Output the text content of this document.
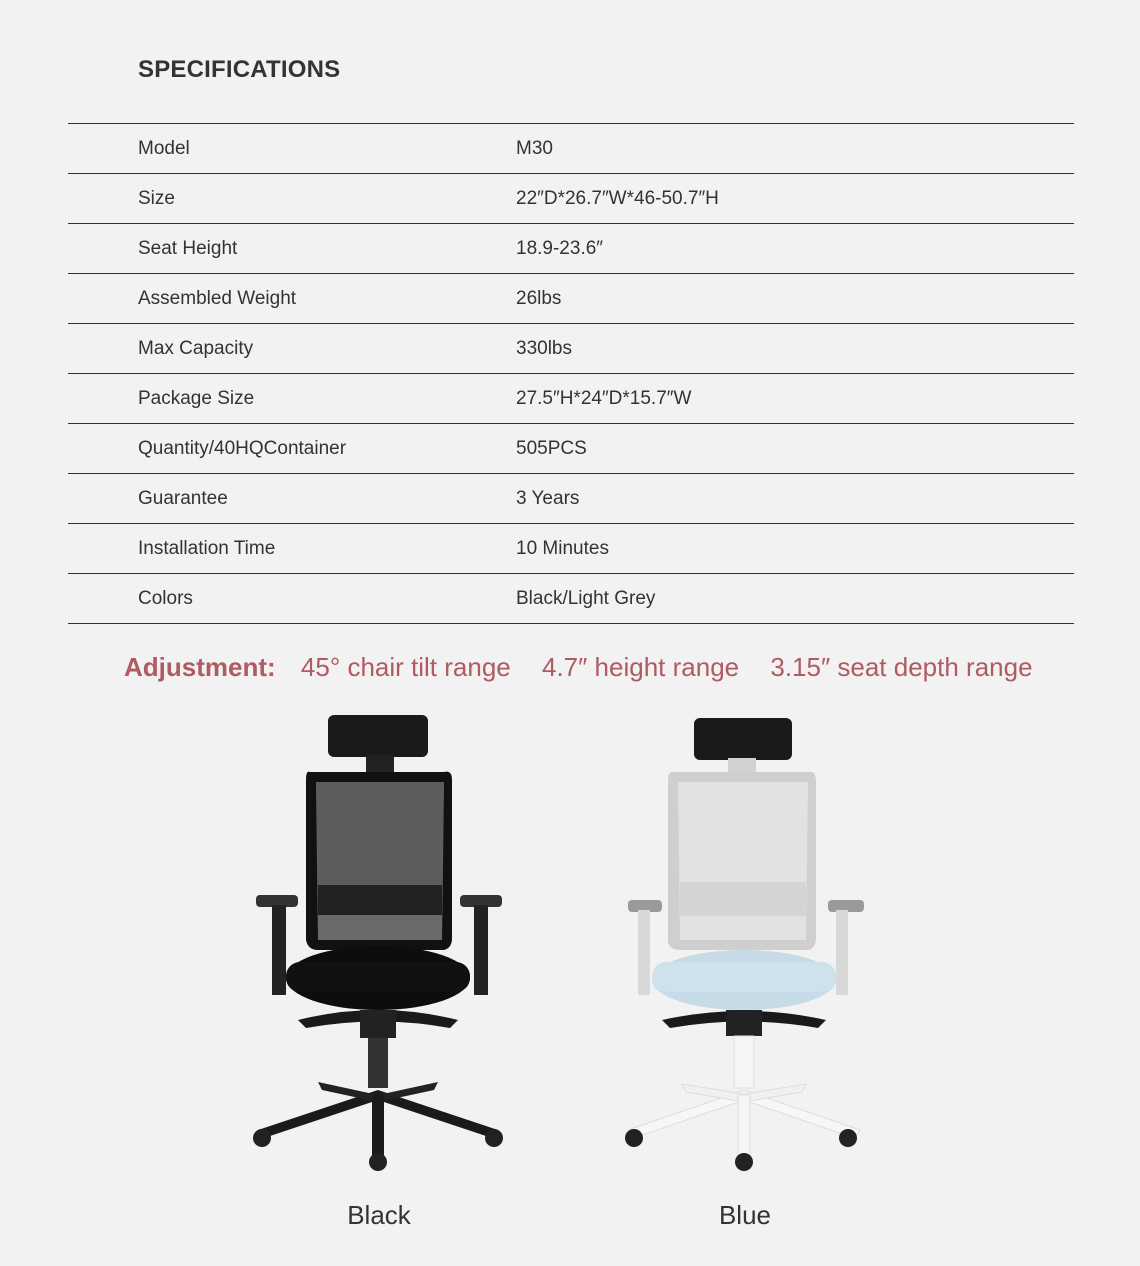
SPECIFICATIONS
Model	M30
Size	22″D*26.7″W*46-50.7″H
Seat Height	18.9-23.6″
Assembled Weight	26lbs
Max Capacity	330lbs
Package Size	27.5″H*24″D*15.7″W
Quantity/40HQContainer	505PCS
Guarantee	3 Years
Installation Time	10 Minutes
Colors	Black/Light Grey
Adjustment: 45° chair tilt range 4.7″ height range 3.15″ seat depth range
Black	Blue
